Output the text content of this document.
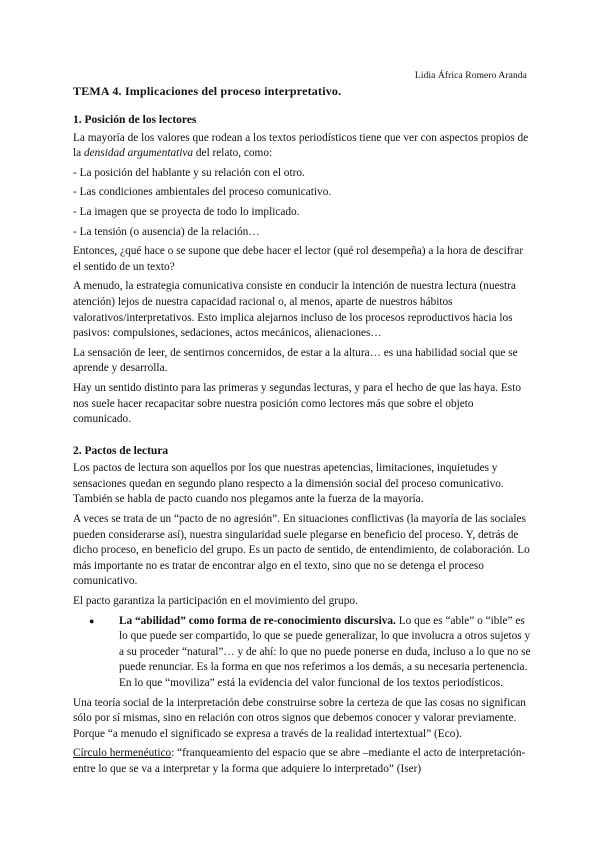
Lidia África Romero Aranda
TEMA 4. Implicaciones del proceso interpretativo.
1. Posición de los lectores

La mayoría de los valores que rodean a los textos periodísticos tiene que ver con aspectos propios de la densidad argumentativa del relato, como:

- La posición del hablante y su relación con el otro.
- Las condiciones ambientales del proceso comunicativo.
- La imagen que se proyecta de todo lo implicado.
- La tensión (o ausencia) de la relación…

Entonces, ¿qué hace o se supone que debe hacer el lector (qué rol desempeña) a la hora de descifrar el sentido de un texto?

A menudo, la estrategia comunicativa consiste en conducir la intención de nuestra lectura (nuestra atención) lejos de nuestra capacidad racional o, al menos, aparte de nuestros hábitos valorativos/interpretativos. Esto implica alejarnos incluso de los procesos reproductivos hacia los pasivos: compulsiones, sedaciones, actos mecánicos, alienaciones…

La sensación de leer, de sentirnos concernidos, de estar a la altura… es una habilidad social que se aprende y desarrolla.

Hay un sentido distinto para las primeras y segundas lecturas, y para el hecho de que las haya. Esto nos suele hacer recapacitar sobre nuestra posición como lectores más que sobre el objeto comunicado.

2. Pactos de lectura

Los pactos de lectura son aquellos por los que nuestras apetencias, limitaciones, inquietudes y sensaciones quedan en segundo plano respecto a la dimensión social del proceso comunicativo. También se habla de pacto cuando nos plegamos ante la fuerza de la mayoría.

A veces se trata de un “pacto de no agresión”. En situaciones conflictivas (la mayoría de las sociales pueden considerarse así), nuestra singularidad suele plegarse en beneficio del proceso. Y, detrás de dicho proceso, en beneficio del grupo. Es un pacto de sentido, de entendimiento, de colaboración. Lo más importante no es tratar de encontrar algo en el texto, sino que no se detenga el proceso comunicativo.

El pacto garantiza la participación en el movimiento del grupo.

●	La “abilidad” como forma de re-conocimiento discursiva. Lo que es “able” o “ible” es lo que puede ser compartido, lo que se puede generalizar, lo que involucra a otros sujetos y a su proceder “natural”… y de ahí: lo que no puede ponerse en duda, incluso a lo que no se puede renunciar. Es la forma en que nos referimos a los demás, a su necesaria pertenencia. En lo que “moviliza” está la evidencia del valor funcional de los textos periodísticos.

Una teoría social de la interpretación debe construirse sobre la certeza de que las cosas no significan sólo por sí mismas, sino en relación con otros signos que debemos conocer y valorar previamente. Porque “a menudo el significado se expresa a través de la realidad intertextual” (Eco).

Círculo hermenéutico: “franqueamiento del espacio que se abre –mediante el acto de interpretación- entre lo que se va a interpretar y la forma que adquiere lo interpretado” (Iser)
